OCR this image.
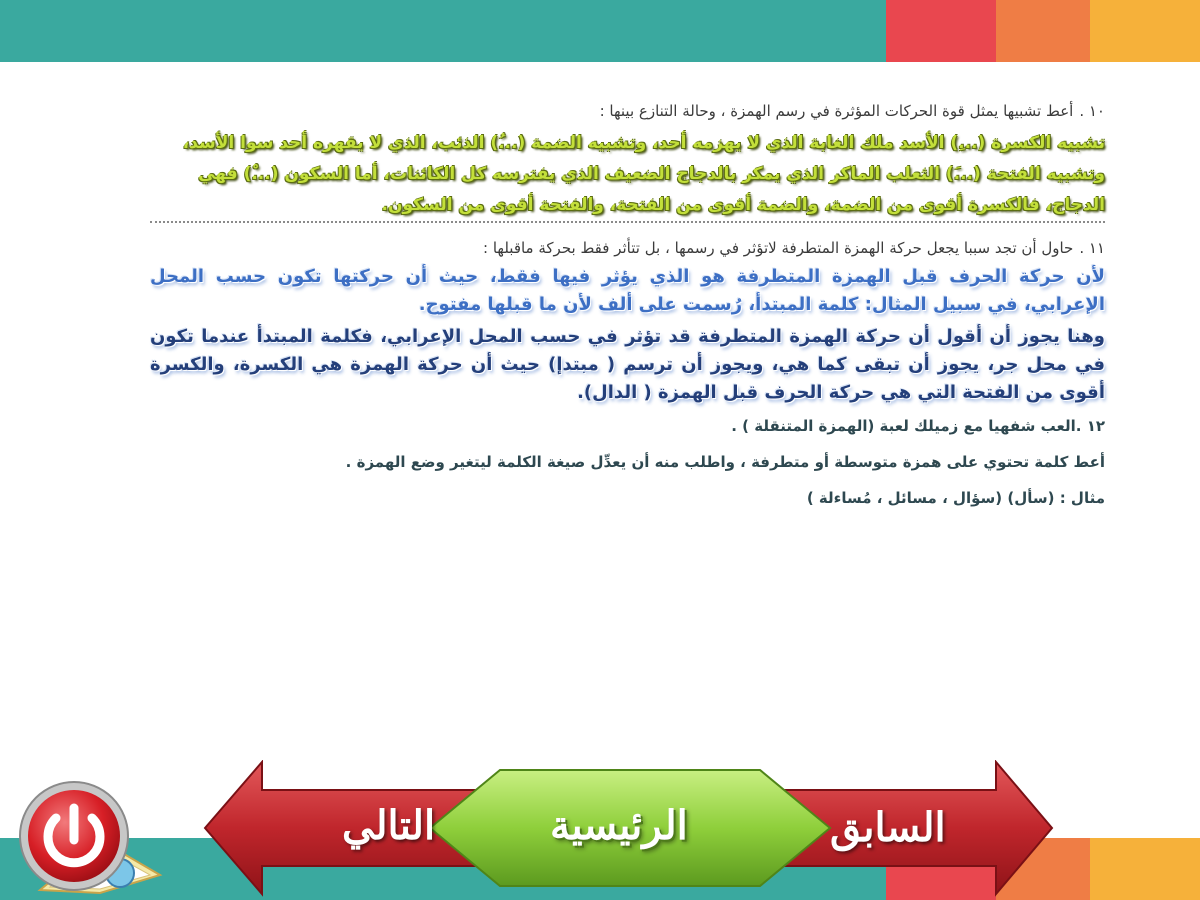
١٠ .أعط تشبيها يمثل قوة الحركات المؤثرة في رسم الهمزة ، وحالة التنازع بينها :

تشبيه الكسرة (...ِ) الأسد ملك الغابة الذي لا يهزمه أحد، وتشبيه الضمة (...ُ) الذئب، الذي لا يقهره أحد سوا الأسد، وتشبيه الفتحة (...َ) الثعلب الماكر الذي يمكر بالدجاج الضعيف الذي يفترسه كل الكائنات، أما السكون (...ْ) فهي الدجاج، فالكسرة أقوى من الضمة، والضمة أقوى من الفتحة، والفتحة أقوى من السكون.

١١ .حاول أن تجد سببا يجعل حركة الهمزة المتطرفة لاتؤثر في رسمها ، بل تتأثر فقط بحركة ماقبلها :

لأن حركة الحرف قبل الهمزة المتطرفة هو الذي يؤثر فيها فقط، حيث أن حركتها تكون حسب المحل الإعرابي، في سبيل المثال: كلمة المبتدأ، رُسمت على ألف لأن ما قبلها مفتوح.

وهنا يجوز أن أقول أن حركة الهمزة المتطرفة قد تؤثر في حسب المحل الإعرابي، فكلمة المبتدأ عندما تكون في محل جر، يجوز أن تبقى كما هي، ويجوز أن ترسم ( مبتدإ) حيث أن حركة الهمزة هي الكسرة، والكسرة أقوى من الفتحة التي هي حركة الحرف قبل الهمزة ( الدال).

١٢ .العب شفهيا مع زميلك لعبة (الهمزة المتنقلة ) .

أعط كلمة تحتوي على همزة متوسطة أو متطرفة ، واطلب منه أن يعدِّل صيغة الكلمة ليتغير وضع الهمزة .

مثال : (سأل) (سؤال ، مسائل ، مُساءلة )

التالي	الرئيسية	السابق
